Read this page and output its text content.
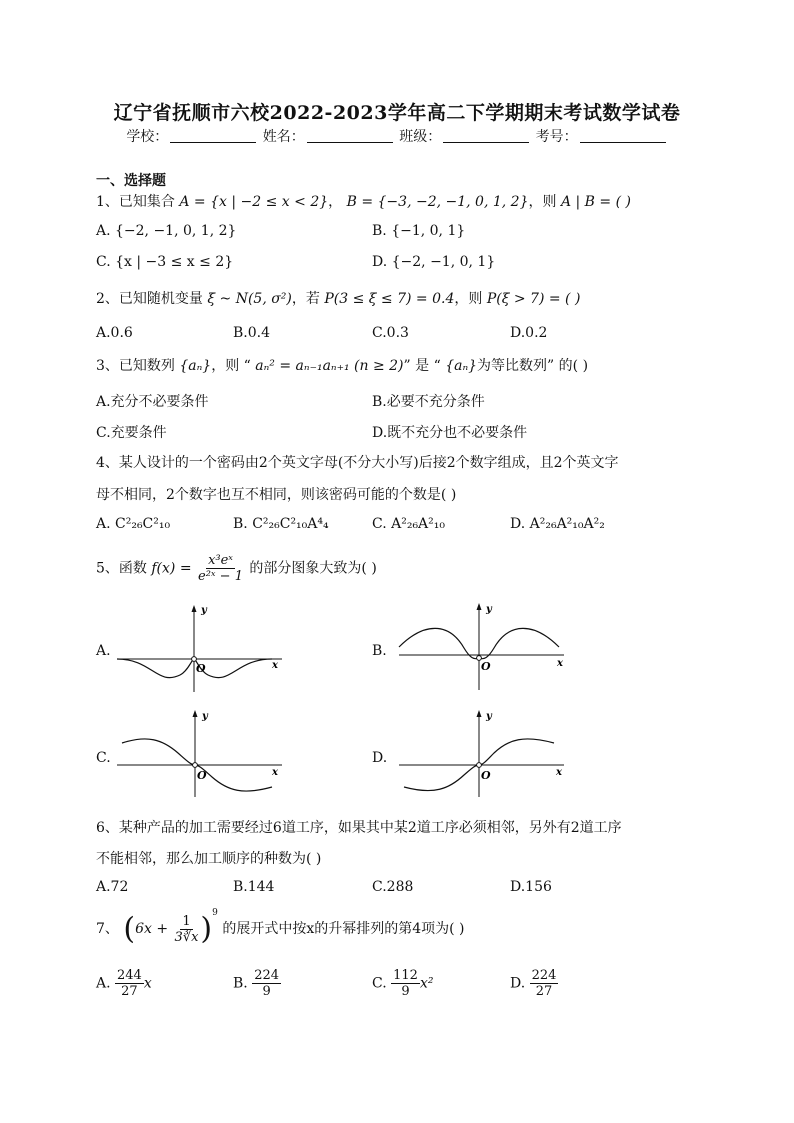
辽宁省抚顺市六校2022-2023学年高二下学期期末考试数学试卷
学校：	姓名：	班级：	考号：
一、选择题
1、已知集合 A = {x | −2 ≤ x < 2}， B = {−3, −2, −1, 0, 1, 2}，则 A | B = ( )
A. {−2, −1, 0, 1, 2}	B. {−1, 0, 1}
C. {x | −3 ≤ x ≤ 2}	D. {−2, −1, 0, 1}
2、已知随机变量 ξ ~ N(5, σ²)，若 P(3 ≤ ξ ≤ 7) = 0.4，则 P(ξ > 7) = ( )
A.0.6	B.0.4	C.0.3	D.0.2
3、已知数列 {aₙ}，则 “ aₙ² = aₙ₋₁aₙ₊₁ (n ≥ 2)” 是 “ {aₙ}为等比数列” 的( )
A.充分不必要条件	B.必要不充分条件
C.充要条件	D.既不充分也不必要条件
4、某人设计的一个密码由2个英文字母(不分大小写)后接2个数字组成，且2个英文字
母不相同，2个数字也互不相同，则该密码可能的个数是( )
A. C²₂₆C²₁₀	B. C²₂₆C²₁₀A⁴₄	C. A²₂₆A²₁₀	D. A²₂₆A²₁₀A²₂
5、函数 $f(x) = \frac{\text{x³eˣ}}{\text{e²ˣ − 1}}$ 的部分图象大致为( )
A.
y
x
O
B.
y
x
O
C.
y
x
O
D.
y
x
O
6、某种产品的加工需要经过6道工序，如果其中某2道工序必须相邻，另外有2道工序
不能相邻，那么加工顺序的种数为( )
A.72	B.144	C.288	D.156
7、 $(6x + \frac{1}{3∛x} )^9$ 的展开式中按x的升幂排列的第4项为( )
A. $\frac{244}{27}$ x	B. $\frac{224}{9}$	C. $\frac{112}{9} x^2$	D. $\frac{224}{27}$
